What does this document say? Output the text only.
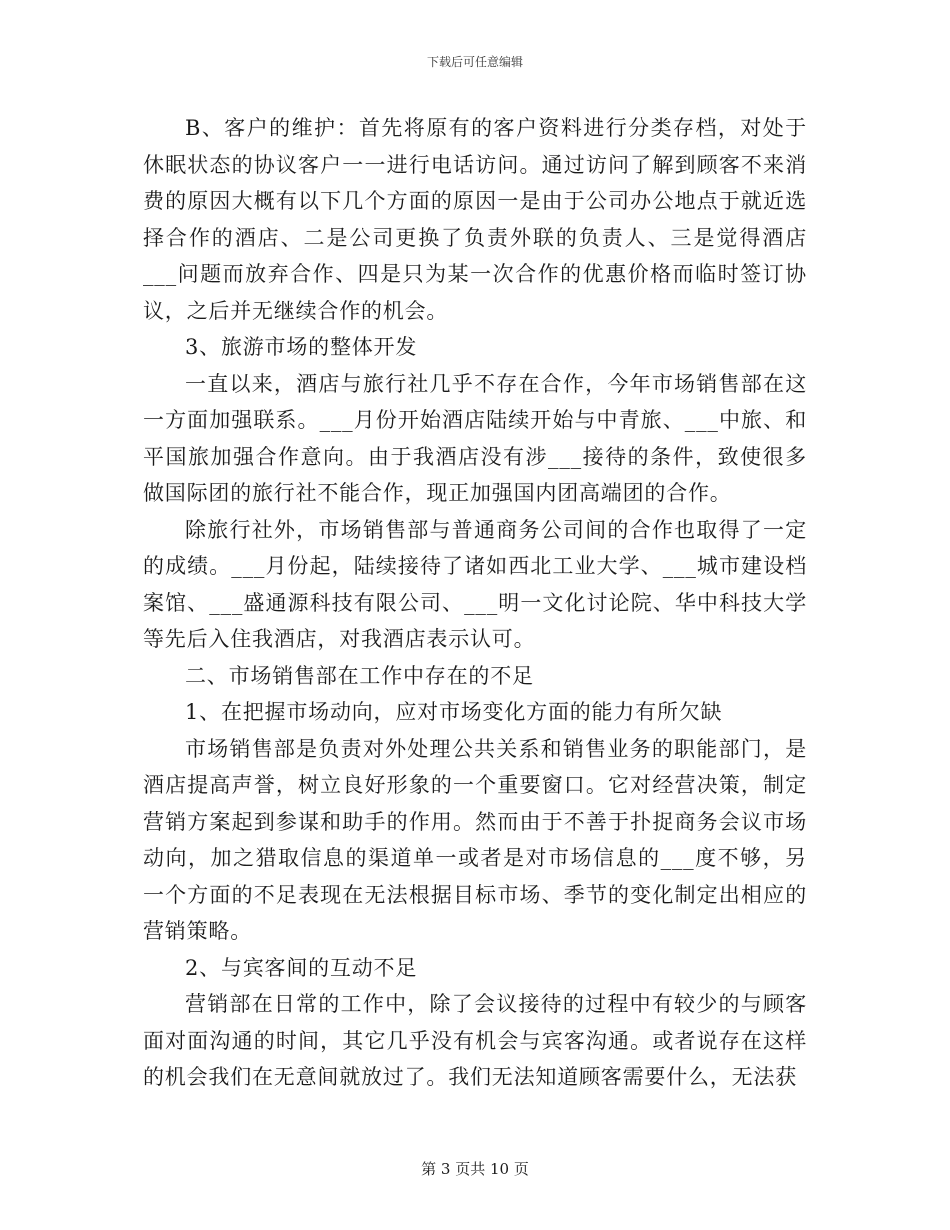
下载后可任意编辑

B、客户的维护：首先将原有的客户资料进行分类存档，对处于休眠状态的协议客户一一进行电话访问。通过访问了解到顾客不来消费的原因大概有以下几个方面的原因一是由于公司办公地点于就近选择合作的酒店、二是公司更换了负责外联的负责人、三是觉得酒店___问题而放弃合作、四是只为某一次合作的优惠价格而临时签订协议，之后并无继续合作的机会。

3、旅游市场的整体开发

一直以来，酒店与旅行社几乎不存在合作，今年市场销售部在这一方面加强联系。___月份开始酒店陆续开始与中青旅、___中旅、和平国旅加强合作意向。由于我酒店没有涉___接待的条件，致使很多做国际团的旅行社不能合作，现正加强国内团高端团的合作。

除旅行社外，市场销售部与普通商务公司间的合作也取得了一定的成绩。___月份起，陆续接待了诸如西北工业大学、___城市建设档案馆、___盛通源科技有限公司、___明一文化讨论院、华中科技大学等先后入住我酒店，对我酒店表示认可。

二、市场销售部在工作中存在的不足

1、在把握市场动向，应对市场变化方面的能力有所欠缺

市场销售部是负责对外处理公共关系和销售业务的职能部门，是酒店提高声誉，树立良好形象的一个重要窗口。它对经营决策，制定营销方案起到参谋和助手的作用。然而由于不善于扑捉商务会议市场动向，加之猎取信息的渠道单一或者是对市场信息的___度不够，另一个方面的不足表现在无法根据目标市场、季节的变化制定出相应的营销策略。

2、与宾客间的互动不足

营销部在日常的工作中，除了会议接待的过程中有较少的与顾客面对面沟通的时间，其它几乎没有机会与宾客沟通。或者说存在这样的机会我们在无意间就放过了。我们无法知道顾客需要什么，无法获

第 3 页共 10 页
